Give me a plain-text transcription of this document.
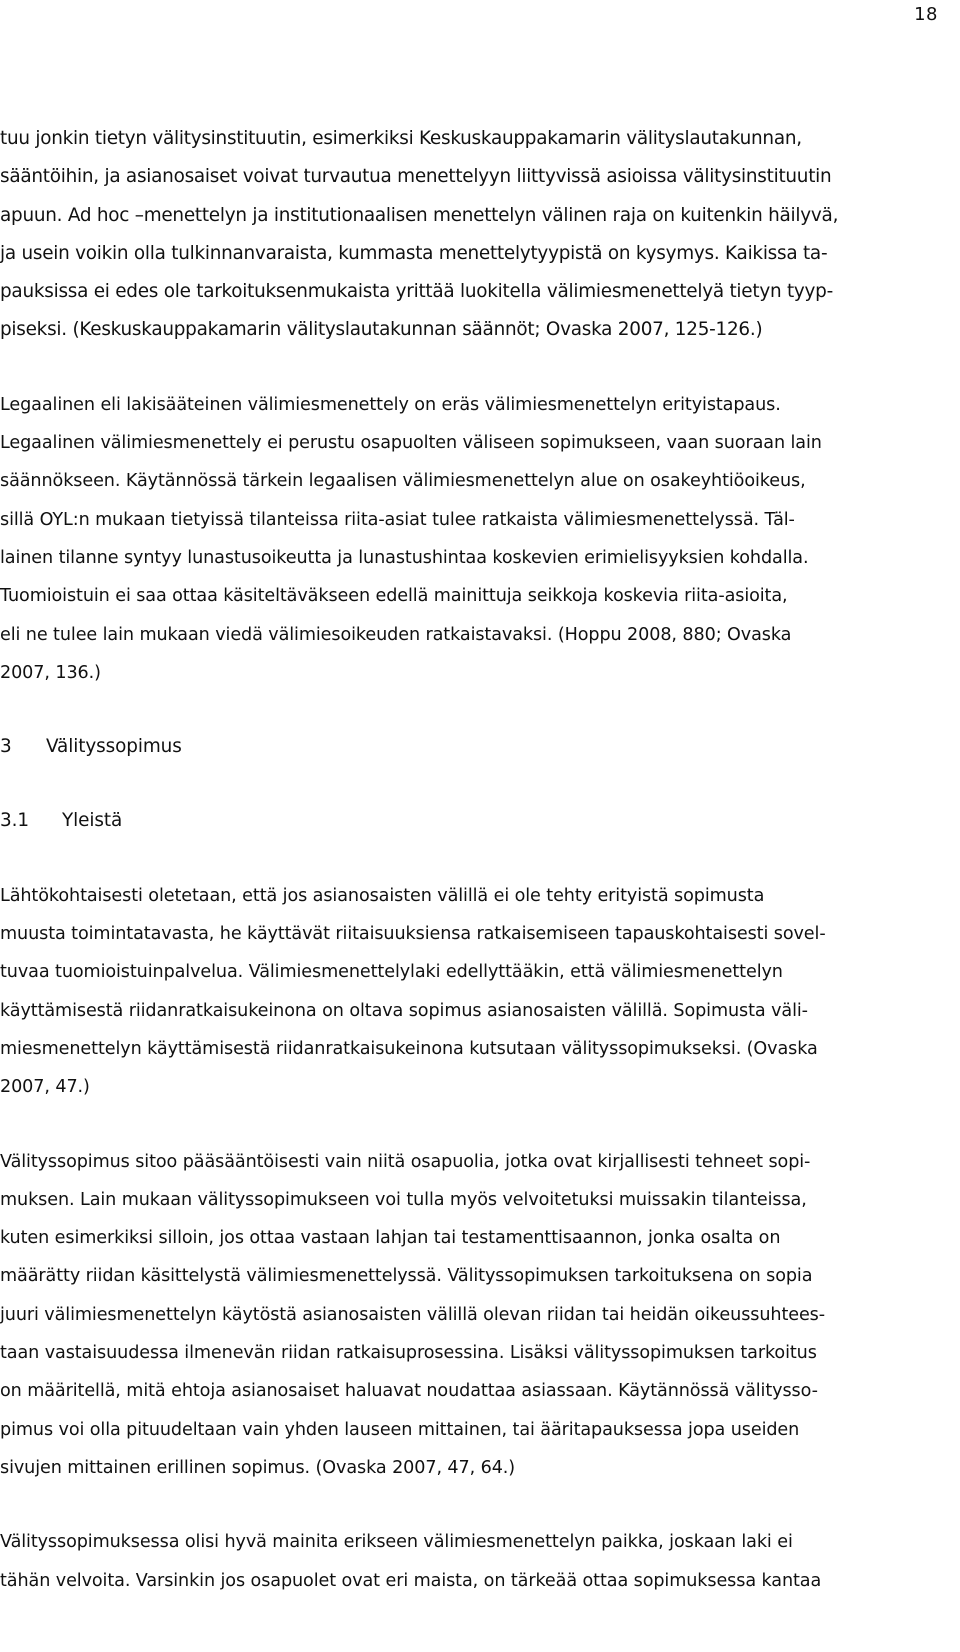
18
tuu jonkin tietyn välitysinstituutin, esimerkiksi Keskuskauppakamarin välityslautakunnan,
sääntöihin, ja asianosaiset voivat turvautua menettelyyn liittyvissä asioissa välitysinstituutin
apuun. Ad hoc –menettelyn ja institutionaalisen menettelyn välinen raja on kuitenkin häilyvä,
ja usein voikin olla tulkinnanvaraista, kummasta menettelytyypistä on kysymys. Kaikissa ta-
pauksissa ei edes ole tarkoituksenmukaista yrittää luokitella välimiesmenettelyä tietyn tyyp-
piseksi. (Keskuskauppakamarin välityslautakunnan säännöt; Ovaska 2007, 125-126.)
Legaalinen eli lakisääteinen välimiesmenettely on eräs välimiesmenettelyn erityistapaus.
Legaalinen välimiesmenettely ei perustu osapuolten väliseen sopimukseen, vaan suoraan lain
säännökseen. Käytännössä tärkein legaalisen välimiesmenettelyn alue on osakeyhtiöoikeus,
sillä OYL:n mukaan tietyissä tilanteissa riita-asiat tulee ratkaista välimiesmenettelyssä. Täl-
lainen tilanne syntyy lunastusoikeutta ja lunastushintaa koskevien erimielisyyksien kohdalla.
Tuomioistuin ei saa ottaa käsiteltäväkseen edellä mainittuja seikkoja koskevia riita-asioita,
eli ne tulee lain mukaan viedä välimiesoikeuden ratkaistavaksi. (Hoppu 2008, 880; Ovaska
2007, 136.)
3 Välityssopimus
3.1 Yleistä
Lähtökohtaisesti oletetaan, että jos asianosaisten välillä ei ole tehty erityistä sopimusta
muusta toimintatavasta, he käyttävät riitaisuuksiensa ratkaisemiseen tapauskohtaisesti sovel-
tuvaa tuomioistuinpalvelua. Välimiesmenettelylaki edellyttääkin, että välimiesmenettelyn
käyttämisestä riidanratkaisukeinona on oltava sopimus asianosaisten välillä. Sopimusta väli-
miesmenettelyn käyttämisestä riidanratkaisukeinona kutsutaan välityssopimukseksi. (Ovaska
2007, 47.)
Välityssopimus sitoo pääsääntöisesti vain niitä osapuolia, jotka ovat kirjallisesti tehneet sopi-
muksen. Lain mukaan välityssopimukseen voi tulla myös velvoitetuksi muissakin tilanteissa,
kuten esimerkiksi silloin, jos ottaa vastaan lahjan tai testamenttisaannon, jonka osalta on
määrätty riidan käsittelystä välimiesmenettelyssä. Välityssopimuksen tarkoituksena on sopia
juuri välimiesmenettelyn käytöstä asianosaisten välillä olevan riidan tai heidän oikeussuhtees-
taan vastaisuudessa ilmenevän riidan ratkaisuprosessina. Lisäksi välityssopimuksen tarkoitus
on määritellä, mitä ehtoja asianosaiset haluavat noudattaa asiassaan. Käytännössä välitysso-
pimus voi olla pituudeltaan vain yhden lauseen mittainen, tai ääritapauksessa jopa useiden
sivujen mittainen erillinen sopimus. (Ovaska 2007, 47, 64.)
Välityssopimuksessa olisi hyvä mainita erikseen välimiesmenettelyn paikka, joskaan laki ei
tähän velvoita. Varsinkin jos osapuolet ovat eri maista, on tärkeää ottaa sopimuksessa kantaa
